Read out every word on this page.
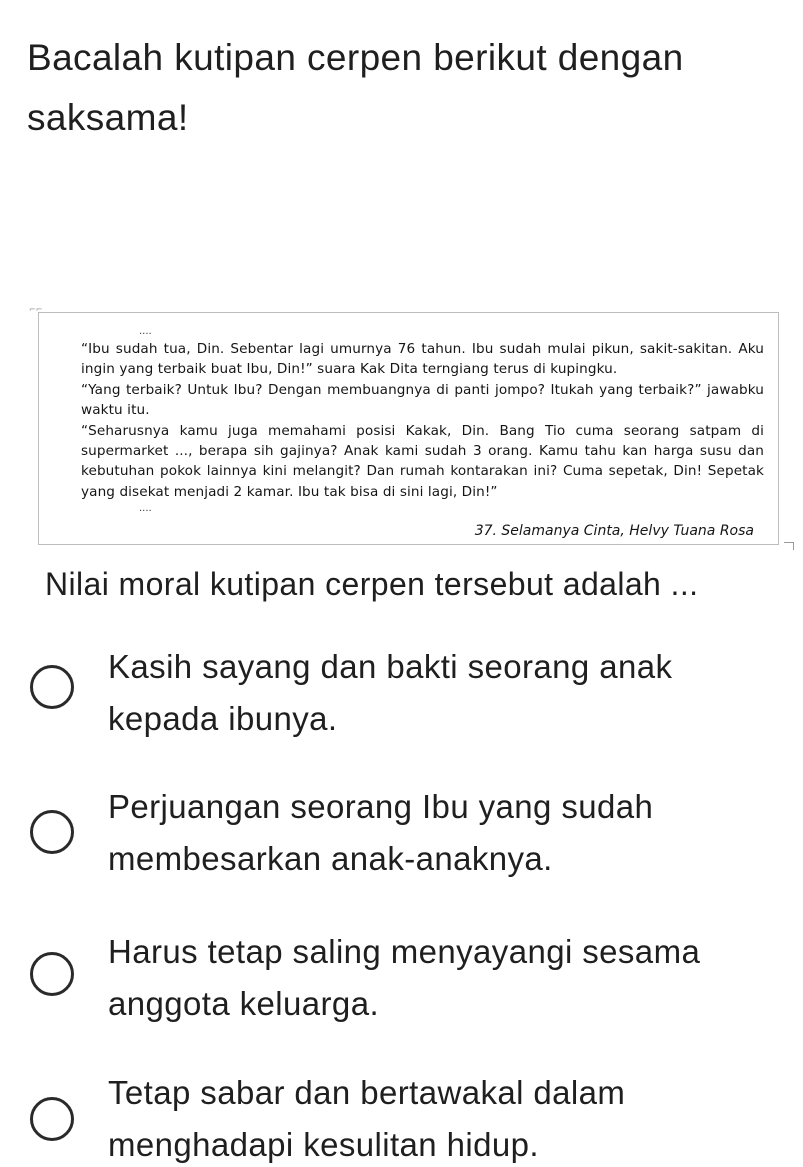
Bacalah kutipan cerpen berikut dengan saksama!
⌐⌐
....

“Ibu sudah tua, Din. Sebentar lagi umurnya 76 tahun. Ibu sudah mulai pikun, sakit-sakitan. Aku ingin yang terbaik buat Ibu, Din!” suara Kak Dita terngiang terus di kupingku.

“Yang terbaik? Untuk Ibu? Dengan membuangnya di panti jompo? Itukah yang terbaik?” jawabku waktu itu.

“Seharusnya kamu juga memahami posisi Kakak, Din. Bang Tio cuma seorang satpam di supermarket ..., berapa sih gajinya? Anak kami sudah 3 orang. Kamu tahu kan harga susu dan kebutuhan pokok lainnya kini melangit? Dan rumah kontarakan ini? Cuma sepetak, Din! Sepetak yang disekat menjadi 2 kamar. Ibu tak bisa di sini lagi, Din!”

....
37. Selamanya Cinta, Helvy Tuana Rosa
Nilai moral kutipan cerpen tersebut adalah ...
Kasih sayang dan bakti seorang anak kepada ibunya.
Perjuangan seorang Ibu yang sudah membesarkan anak-anaknya.
Harus tetap saling menyayangi sesama anggota keluarga.
Tetap sabar dan bertawakal dalam menghadapi kesulitan hidup.
